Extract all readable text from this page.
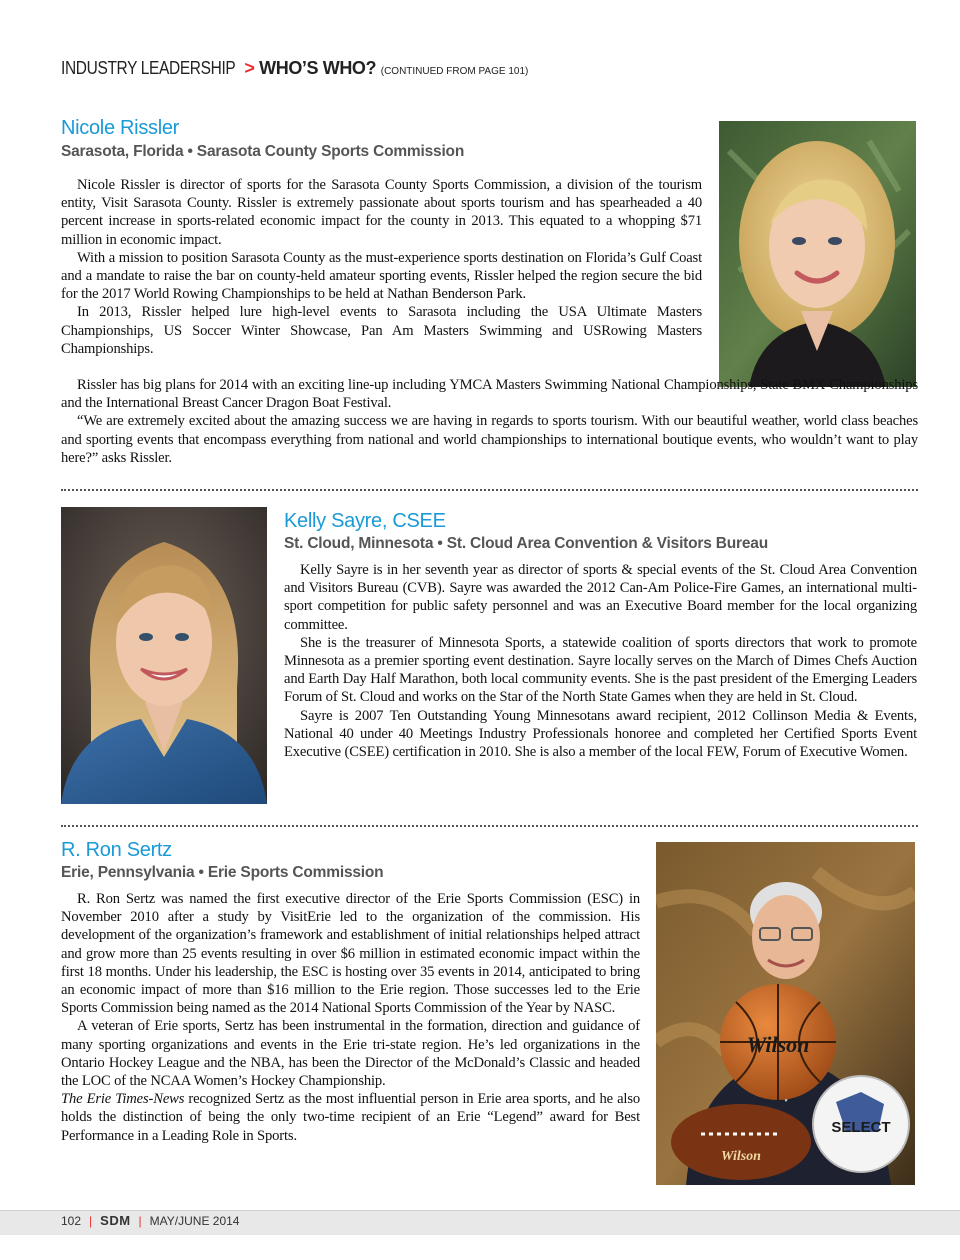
INDUSTRY LEADERSHIP > WHO’S WHO? (CONTINUED FROM PAGE 101)
Nicole Rissler
Sarasota, Florida • Sarasota County Sports Commission

Nicole Rissler is director of sports for the Sarasota County Sports Commission, a division of the tourism entity, Visit Sarasota County. Rissler is extremely passionate about sports tourism and has spearheaded a 40 percent increase in sports-related economic impact for the county in 2013. This equated to a whopping $71 million in economic impact.

With a mission to position Sarasota County as the must-experience sports destination on Florida’s Gulf Coast and a mandate to raise the bar on county-held amateur sporting events, Rissler helped the region secure the bid for the 2017 World Rowing Championships to be held at Nathan Benderson Park.

In 2013, Rissler helped lure high-level events to Sarasota including the USA Ultimate Masters Championships, US Soccer Winter Showcase, Pan Am Masters Swimming and USRowing Masters Championships.

Rissler has big plans for 2014 with an exciting line-up including YMCA Masters Swimming National Championships, State BMX Championships and the International Breast Cancer Dragon Boat Festival.

“We are extremely excited about the amazing success we are having in regards to sports tourism. With our beautiful weather, world class beaches and sporting events that encompass everything from national and world championships to international boutique events, who wouldn’t want to play here?” asks Rissler.

Kelly Sayre, CSEE
St. Cloud, Minnesota • St. Cloud Area Convention & Visitors Bureau

Kelly Sayre is in her seventh year as director of sports & special events of the St. Cloud Area Convention and Visitors Bureau (CVB). Sayre was awarded the 2012 Can-Am Police-Fire Games, an international multi-sport competition for public safety personnel and was an Executive Board member for the local organizing committee.

She is the treasurer of Minnesota Sports, a statewide coalition of sports directors that work to promote Minnesota as a premier sporting event destination. Sayre locally serves on the March of Dimes Chefs Auction and Earth Day Half Marathon, both local community events. She is the past president of the Emerging Leaders Forum of St. Cloud and works on the Star of the North State Games when they are held in St. Cloud.

Sayre is 2007 Ten Outstanding Young Minnesotans award recipient, 2012 Collinson Media & Events, National 40 under 40 Meetings Industry Professionals honoree and completed her Certified Sports Event Executive (CSEE) certification in 2010. She is also a member of the local FEW, Forum of Executive Women.

R. Ron Sertz
Erie, Pennsylvania • Erie Sports Commission
Wilson
Wilson
SELECT

R. Ron Sertz was named the first executive director of the Erie Sports Commission (ESC) in November 2010 after a study by VisitErie led to the organization of the commission. His development of the organization’s framework and establishment of initial relationships helped attract and grow more than 25 events resulting in over $6 million in estimated economic impact within the first 18 months. Under his leadership, the ESC is hosting over 35 events in 2014, anticipated to bring an economic impact of more than $16 million to the Erie region. Those successes led to the Erie Sports Commission being named as the 2014 National Sports Commission of the Year by NASC.

A veteran of Erie sports, Sertz has been instrumental in the formation, direction and guidance of many sporting organizations and events in the Erie tri-state region. He’s led organizations in the Ontario Hockey League and the NBA, has been the Director of the McDonald’s Classic and headed the LOC of the NCAA Women’s Hockey Championship.

The Erie Times-News recognized Sertz as the most influential person in Erie area sports, and he also holds the distinction of being the only two-time recipient of an Erie “Legend” award for Best Performance in a Leading Role in Sports.

102 | SDM | MAY/JUNE 2014
